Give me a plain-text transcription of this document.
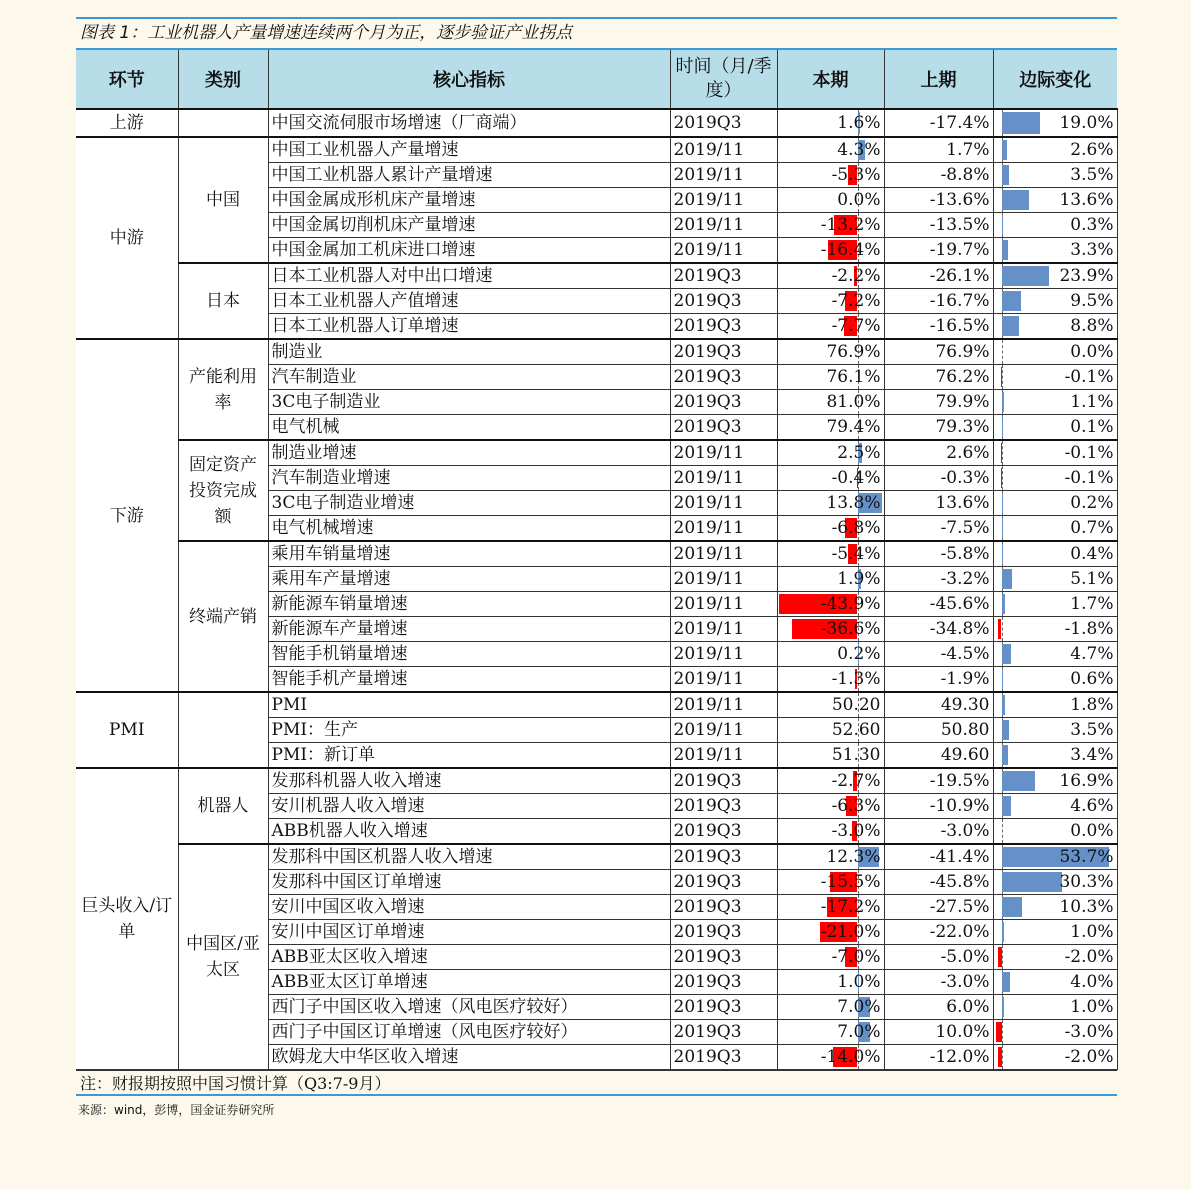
图表 1：工业机器人产量增速连续两个月为正，逐步验证产业拐点
环节	类别	核心指标	时间（月/季度）	本期	上期	边际变化
上游		中国交流伺服市场增速（厂商端）	2019Q3	1.6%	-17.4%	19.0%
中游	中国	中国工业机器人产量增速	2019/11	4.3%	1.7%	2.6%
		中国工业机器人累计产量增速	2019/11	-5.3%	-8.8%	3.5%
		中国金属成形机床产量增速	2019/11	0.0%	-13.6%	13.6%
		中国金属切削机床产量增速	2019/11	-13.2%	-13.5%	0.3%
		中国金属加工机床进口增速	2019/11	-16.4%	-19.7%	3.3%
	日本	日本工业机器人对中出口增速	2019Q3	-2.2%	-26.1%	23.9%
		日本工业机器人产值增速	2019Q3	-7.2%	-16.7%	9.5%
		日本工业机器人订单增速	2019Q3	-7.7%	-16.5%	8.8%
下游	产能利用率	制造业	2019Q3	76.9%	76.9%	0.0%
		汽车制造业	2019Q3	76.1%	76.2%	-0.1%
		3C电子制造业	2019Q3	81.0%	79.9%	1.1%
		电气机械	2019Q3	79.4%	79.3%	0.1%
	固定资产投资完成额	制造业增速	2019/11	2.5%	2.6%	-0.1%
		汽车制造业增速	2019/11	-0.4%	-0.3%	-0.1%
		3C电子制造业增速	2019/11	13.8%	13.6%	0.2%
		电气机械增速	2019/11	-6.8%	-7.5%	0.7%
	终端产销	乘用车销量增速	2019/11	-5.4%	-5.8%	0.4%
		乘用车产量增速	2019/11	1.9%	-3.2%	5.1%
		新能源车销量增速	2019/11	-43.9%	-45.6%	1.7%
		新能源车产量增速	2019/11	-36.6%	-34.8%	-1.8%
		智能手机销量增速	2019/11	0.2%	-4.5%	4.7%
		智能手机产量增速	2019/11	-1.3%	-1.9%	0.6%
PMI		PMI	2019/11	50.20	49.30	1.8%
		PMI：生产	2019/11	52.60	50.80	3.5%
		PMI：新订单	2019/11	51.30	49.60	3.4%
巨头收入/订单	机器人	发那科机器人收入增速	2019Q3	-2.7%	-19.5%	16.9%
		安川机器人收入增速	2019Q3	-6.3%	-10.9%	4.6%
		ABB机器人收入增速	2019Q3	-3.0%	-3.0%	0.0%
	中国区/亚太区	发那科中国区机器人收入增速	2019Q3	12.3%	-41.4%	53.7%
		发那科中国区订单增速	2019Q3	-15.5%	-45.8%	30.3%
		安川中国区收入增速	2019Q3	-17.2%	-27.5%	10.3%
		安川中国区订单增速	2019Q3	-21.0%	-22.0%	1.0%
		ABB亚太区收入增速	2019Q3	-7.0%	-5.0%	-2.0%
		ABB亚太区订单增速	2019Q3	1.0%	-3.0%	4.0%
		西门子中国区收入增速（风电医疗较好）	2019Q3	7.0%	6.0%	1.0%
		西门子中国区订单增速（风电医疗较好）	2019Q3	7.0%	10.0%	-3.0%
		欧姆龙大中华区收入增速	2019Q3	-14.0%	-12.0%	-2.0%
注：财报期按照中国习惯计算（Q3:7-9月）
来源：wind，彭博，国金证券研究所
